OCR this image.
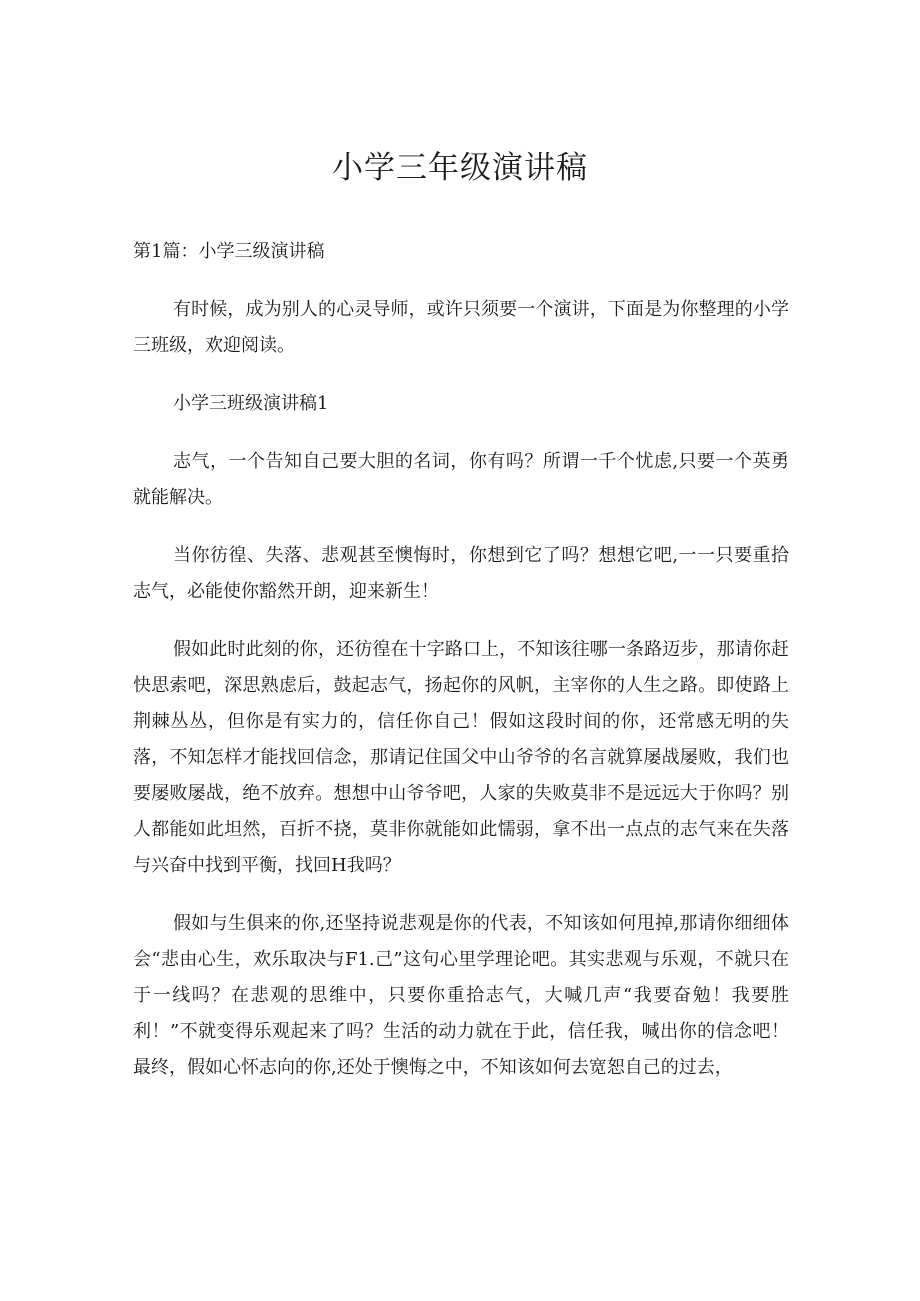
小学三年级演讲稿

第1篇：小学三级演讲稿

有时候，成为别人的心灵导师，或许只须要一个演讲，下面是为你整理的小学三班级，欢迎阅读。

小学三班级演讲稿1

志气，一个告知自己要大胆的名词，你有吗？所谓一千个忧虑,只要一个英勇就能解决。

当你彷徨、失落、悲观甚至懊悔时，你想到它了吗？想想它吧,一一只要重拾志气，必能使你豁然开朗，迎来新生！

假如此时此刻的你，还彷徨在十字路口上，不知该往哪一条路迈步，那请你赶快思索吧，深思熟虑后，鼓起志气，扬起你的风帆，主宰你的人生之路。即使路上荆棘丛丛，但你是有实力的，信任你自己！假如这段时间的你，还常感无明的失落，不知怎样才能找回信念，那请记住国父中山爷爷的名言就算屡战屡败，我们也要屡败屡战，绝不放弃。想想中山爷爷吧，人家的失败莫非不是远远大于你吗？别人都能如此坦然，百折不挠，莫非你就能如此懦弱，拿不出一点点的志气来在失落与兴奋中找到平衡，找回H我吗？

假如与生俱来的你,还坚持说悲观是你的代表，不知该如何甩掉,那请你细细体会“悲由心生，欢乐取决与F1.己”这句心里学理论吧。其实悲观与乐观，不就只在于一线吗？在悲观的思维中，只要你重拾志气，大喊几声“我要奋勉！我要胜利！”不就变得乐观起来了吗？生活的动力就在于此，信任我，喊出你的信念吧！最终，假如心怀志向的你,还处于懊悔之中，不知该如何去宽恕自己的过去，
